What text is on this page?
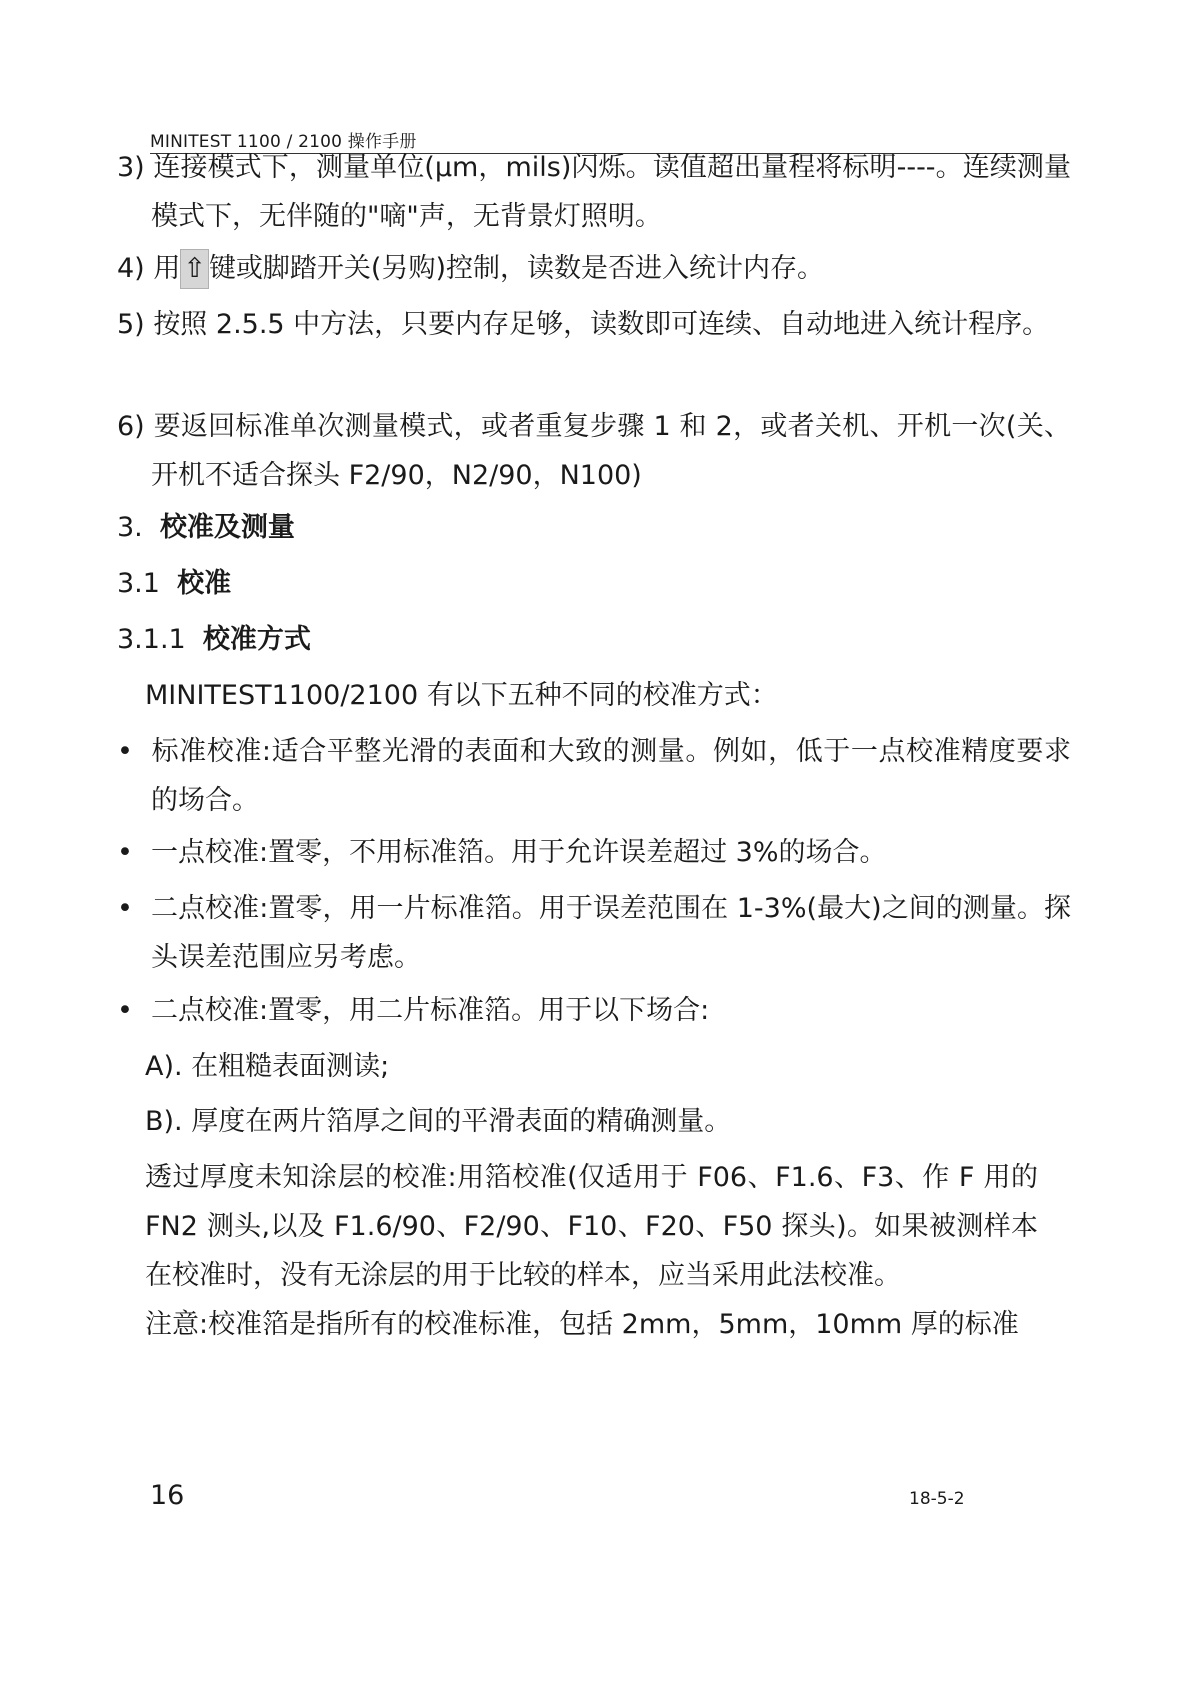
MINITEST 1100 / 2100 操作手册

3) 连接模式下，测量单位(µm，mils)闪烁。读值超出量程将标明----。连续测量模式下，无伴随的"嘀"声，无背景灯照明。

4) 用 ⇧ 键或脚踏开关(另购)控制，读数是否进入统计内存。

5) 按照 2.5.5 中方法，只要内存足够，读数即可连续、自动地进入统计程序。

6) 要返回标准单次测量模式，或者重复步骤 1 和 2，或者关机、开机一次(关、开机不适合探头 F2/90，N2/90，N100)

3. 校准及测量

3.1 校准

3.1.1 校准方式

MINITEST1100/2100 有以下五种不同的校准方式：

• 标准校准:适合平整光滑的表面和大致的测量。例如，低于一点校准精度要求的场合。

• 一点校准:置零，不用标准箔。用于允许误差超过 3%的场合。

• 二点校准:置零，用一片标准箔。用于误差范围在 1-3%(最大)之间的测量。探头误差范围应另考虑。

• 二点校准:置零，用二片标准箔。用于以下场合:

A). 在粗糙表面测读;

B). 厚度在两片箔厚之间的平滑表面的精确测量。

透过厚度未知涂层的校准:用箔校准(仅适用于 F06、F1.6、F3、作 F 用的 FN2 测头,以及 F1.6/90、F2/90、F10、F20、F50 探头)。如果被测样本在校准时，没有无涂层的用于比较的样本，应当采用此法校准。

注意:校准箔是指所有的校准标准，包括 2mm，5mm，10mm 厚的标准

16	18-5-2
